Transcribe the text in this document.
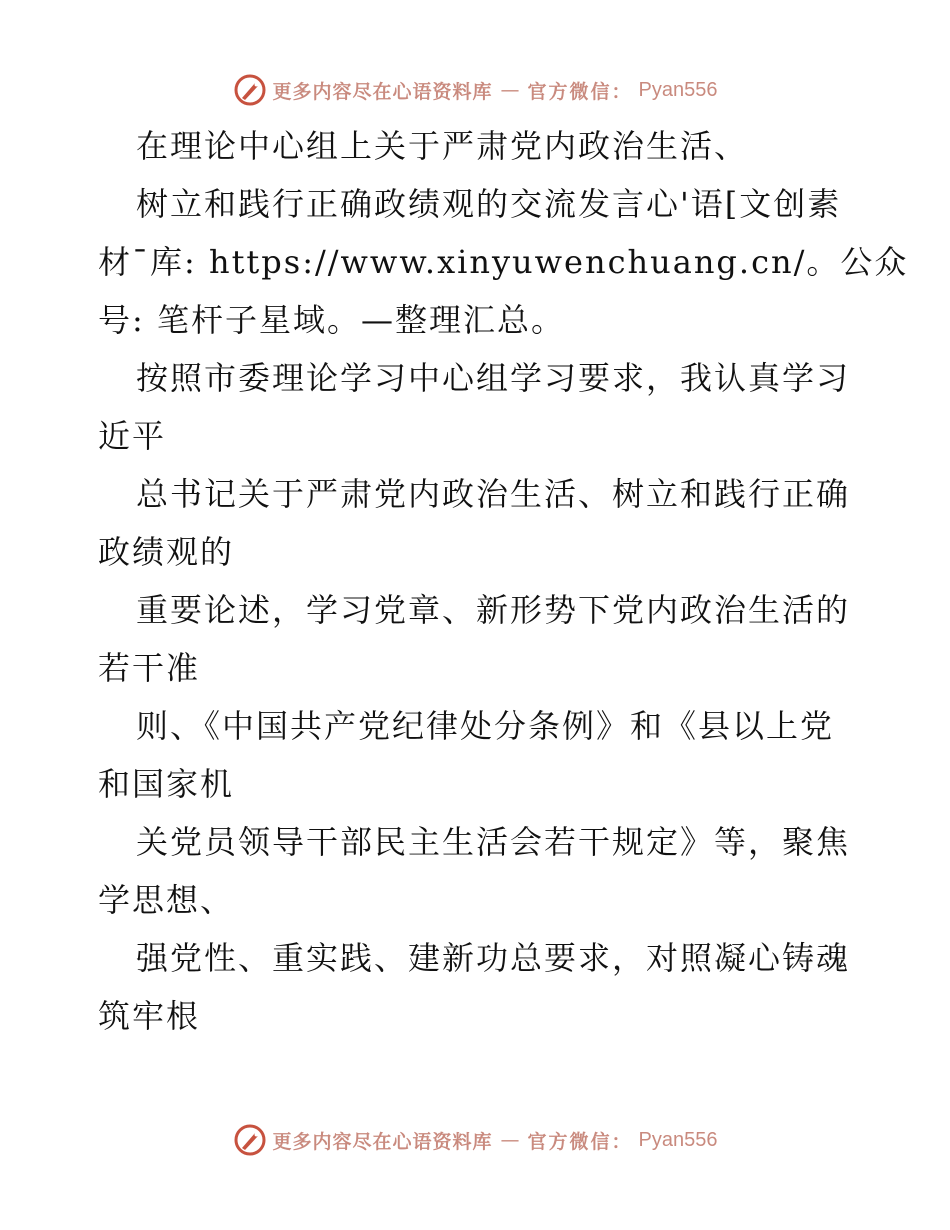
更多内容尽在心语资料库 — 官方微信： Pyan556

在理论中心组上关于严肃党内政治生活、

树立和践行正确政绩观的交流发言心'语[文创素

材¯库: https://www.xinyuwenchuang.cn/。公众

号: 笔杆子星域。—整理汇总。

按照市委理论学习中心组学习要求，我认真学习

近平

总书记关于严肃党内政治生活、树立和践行正确

政绩观的

重要论述，学习党章、新形势下党内政治生活的

若干准

则、《中国共产党纪律处分条例》和《县以上党

和国家机

关党员领导干部民主生活会若干规定》等，聚焦

学思想、

强党性、重实践、建新功总要求，对照凝心铸魂

筑牢根

更多内容尽在心语资料库 — 官方微信： Pyan556
